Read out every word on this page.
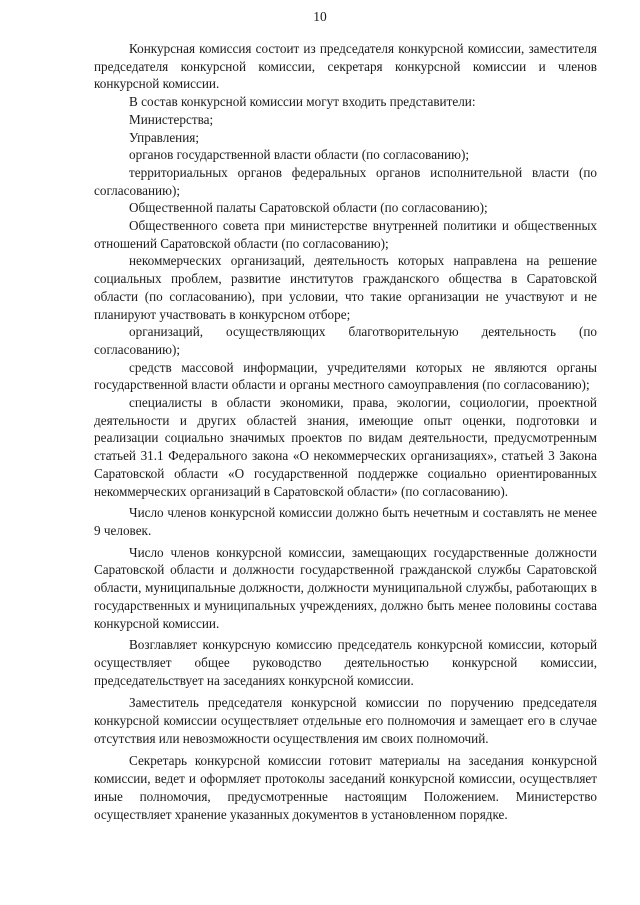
10

Конкурсная комиссия состоит из председателя конкурсной комиссии, заместителя председателя конкурсной комиссии, секретаря конкурсной комиссии и членов конкурсной комиссии.

В состав конкурсной комиссии могут входить представители:

Министерства;

Управления;

органов государственной власти области (по согласованию);

территориальных органов федеральных органов исполнительной власти (по согласованию);

Общественной палаты Саратовской области (по согласованию);

Общественного совета при министерстве внутренней политики и общественных отношений Саратовской области (по согласованию);

некоммерческих организаций, деятельность которых направлена на решение социальных проблем, развитие институтов гражданского общества в Саратовской области (по согласованию), при условии, что такие организации не участвуют и не планируют участвовать в конкурсном отборе;

организаций, осуществляющих благотворительную деятельность (по согласованию);

средств массовой информации, учредителями которых не являются органы государственной власти области и органы местного самоуправления (по согласованию);

специалисты в области экономики, права, экологии, социологии, проектной деятельности и других областей знания, имеющие опыт оценки, подготовки и реализации социально значимых проектов по видам деятельности, предусмотренным статьей 31.1 Федерального закона «О некоммерческих организациях», статьей 3 Закона Саратовской области «О государственной поддержке социально ориентированных некоммерческих организаций в Саратовской области» (по согласованию).

Число членов конкурсной комиссии должно быть нечетным и составлять не менее 9 человек.

Число членов конкурсной комиссии, замещающих государственные должности Саратовской области и должности государственной гражданской службы Саратовской области, муниципальные должности, должности муниципальной службы, работающих в государственных и муниципальных учреждениях, должно быть менее половины состава конкурсной комиссии.

Возглавляет конкурсную комиссию председатель конкурсной комиссии, который осуществляет общее руководство деятельностью конкурсной комиссии, председательствует на заседаниях конкурсной комиссии.

Заместитель председателя конкурсной комиссии по поручению председателя конкурсной комиссии осуществляет отдельные его полномочия и замещает его в случае отсутствия или невозможности осуществления им своих полномочий.

Секретарь конкурсной комиссии готовит материалы на заседания конкурсной комиссии, ведет и оформляет протоколы заседаний конкурсной комиссии, осуществляет иные полномочия, предусмотренные настоящим Положением. Министерство осуществляет хранение указанных документов в установленном порядке.
